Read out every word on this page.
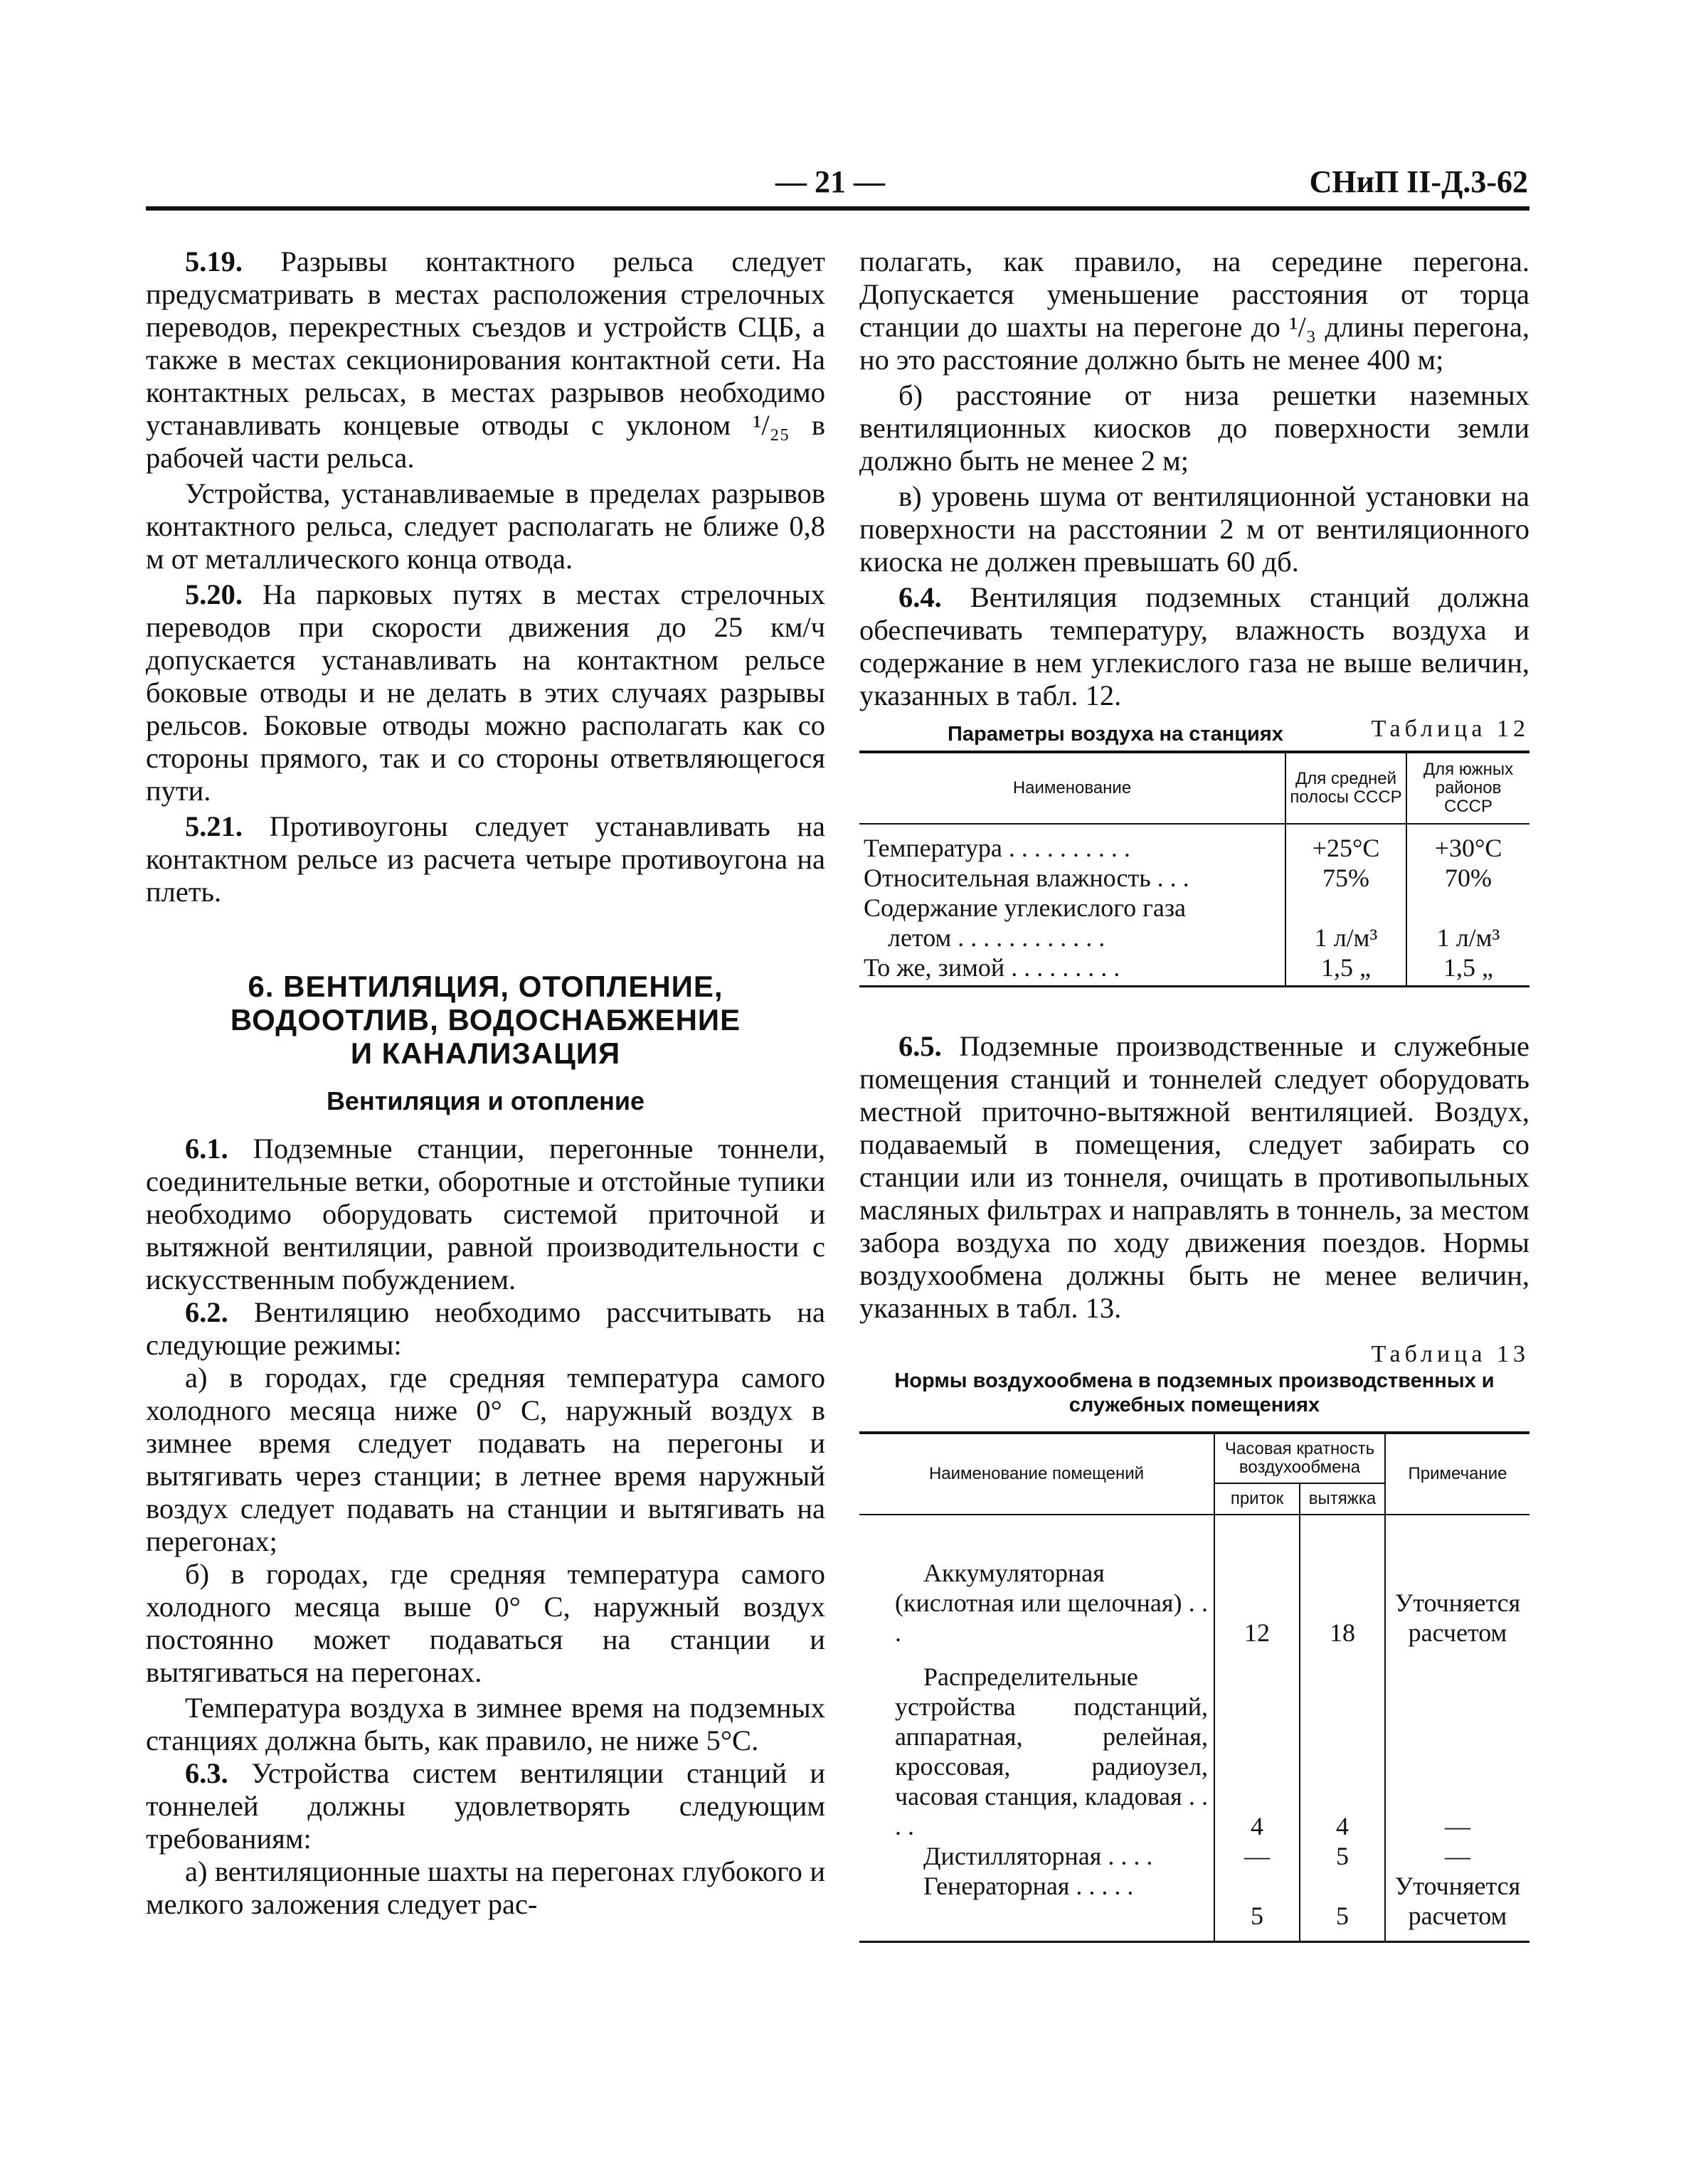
— 21 —	СНиП II-Д.3-62

5.19. Разрывы контактного рельса следует предусматривать в местах расположения стрелочных переводов, перекрестных съездов и устройств СЦБ, а также в местах секционирования контактной сети. На контактных рельсах, в местах разрывов необходимо устанавливать концевые отводы с уклоном ¹/₂₅ в рабочей части рельса.

Устройства, устанавливаемые в пределах разрывов контактного рельса, следует располагать не ближе 0,8 м от металлического конца отвода.

5.20. На парковых путях в местах стрелочных переводов при скорости движения до 25 км/ч допускается устанавливать на контактном рельсе боковые отводы и не делать в этих случаях разрывы рельсов. Боковые отводы можно располагать как со стороны прямого, так и со стороны ответвляющегося пути.

5.21. Противоугоны следует устанавливать на контактном рельсе из расчета четыре противоугона на плеть.

6. ВЕНТИЛЯЦИЯ, ОТОПЛЕНИЕ,
ВОДООТЛИВ, ВОДОСНАБЖЕНИЕ
И КАНАЛИЗАЦИЯ
Вентиляция и отопление

6.1. Подземные станции, перегонные тоннели, соединительные ветки, оборотные и отстойные тупики необходимо оборудовать системой приточной и вытяжной вентиляции, равной производительности с искусственным побуждением.

6.2. Вентиляцию необходимо рассчитывать на следующие режимы:

а) в городах, где средняя температура самого холодного месяца ниже 0° С, наружный воздух в зимнее время следует подавать на перегоны и вытягивать через станции; в летнее время наружный воздух следует подавать на станции и вытягивать на перегонах;

б) в городах, где средняя температура самого холодного месяца выше 0° С, наружный воздух постоянно может подаваться на станции и вытягиваться на перегонах.

Температура воздуха в зимнее время на подземных станциях должна быть, как правило, не ниже 5°С.

6.3. Устройства систем вентиляции станций и тоннелей должны удовлетворять следующим требованиям:

а) вентиляционные шахты на перегонах глубокого и мелкого заложения следует рас-

полагать, как правило, на середине перегона. Допускается уменьшение расстояния от торца станции до шахты на перегоне до ¹/₃ длины перегона, но это расстояние должно быть не менее 400 м;

б) расстояние от низа решетки наземных вентиляционных киосков до поверхности земли должно быть не менее 2 м;

в) уровень шума от вентиляционной установки на поверхности на расстоянии 2 м от вентиляционного киоска не должен превышать 60 дб.

6.4. Вентиляция подземных станций должна обеспечивать температуру, влажность воздуха и содержание в нем углекислого газа не выше величин, указанных в табл. 12.

Параметры воздуха на станциях	Таблица 12
Наименование	Для средней полосы СССР	Для южных районов СССР
Температура . . . . . . . . . .	+25°С	+30°С
Относительная влажность . . .	75%	70%
Содержание углекислого газа		
летом . . . . . . . . . . . .	1 л/м³	1 л/м³
То же, зимой . . . . . . . . .	1,5 „	1,5 „

6.5. Подземные производственные и служебные помещения станций и тоннелей следует оборудовать местной приточно-вытяжной вентиляцией. Воздух, подаваемый в помещения, следует забирать со станции или из тоннеля, очищать в противопыльных масляных фильтрах и направлять в тоннель, за местом забора воздуха по ходу движения поездов. Нормы воздухообмена должны быть не менее величин, указанных в табл. 13.

Таблица 13
Нормы воздухообмена в подземных производственных и служебных помещениях
Наименование помещений	Часовая кратность воздухообмена		Примечание
	приток	вытяжка	
Аккумуляторная (кислотная или щелочная) . . .	12	18	Уточняется расчетом
Распределительные устройства подстанций, аппаратная, релейная, кроссовая, радиоузел, часовая станция, кладовая . . . .	4	4	—
Дистилляторная . . . .	—	5	—
Генераторная . . . . .	5	5	Уточняется расчетом
